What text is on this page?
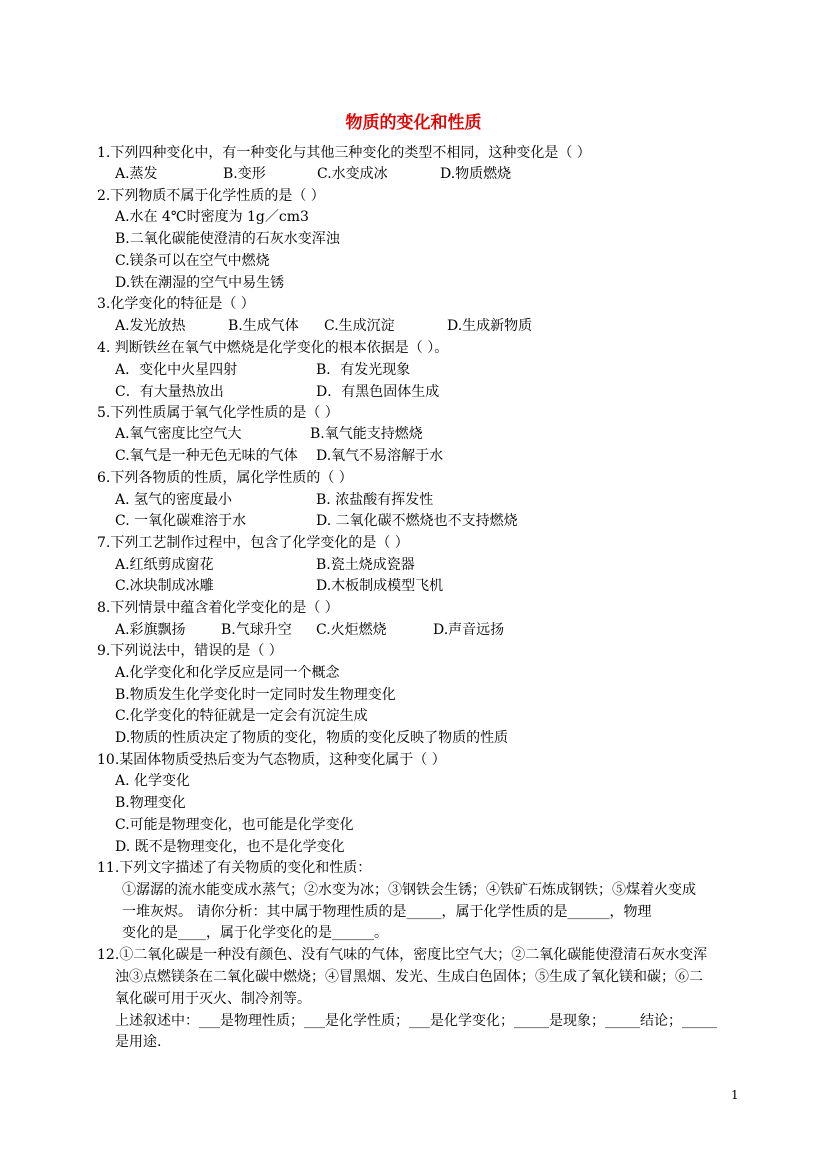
物质的变化和性质
1.下列四种变化中，有一种变化与其他三种变化的类型不相同，这种变化是（ ）
A.蒸发	B.变形	C.水变成冰	D.物质燃烧
2.下列物质不属于化学性质的是（ ）
A.水在 4℃时密度为 1g／cm3
B.二氧化碳能使澄清的石灰水变浑浊
C.镁条可以在空气中燃烧
D.铁在潮湿的空气中易生锈
3.化学变化的特征是（ ）
A.发光放热	B.生成气体 C.生成沉淀	D.生成新物质
4. 判断铁丝在氧气中燃烧是化学变化的根本依据是（ ）。
A．变化中火星四射	B．有发光现象
C．有大量热放出	D．有黑色固体生成
5.下列性质属于氧气化学性质的是（ ）
A.氧气密度比空气大	B.氧气能支持燃烧
C.氧气是一种无色无味的气体 D.氧气不易溶解于水
6.下列各物质的性质，属化学性质的（ ）
A. 氢气的密度最小	B. 浓盐酸有挥发性
C. 一氧化碳难溶于水	D. 二氧化碳不燃烧也不支持燃烧
7.下列工艺制作过程中，包含了化学变化的是（ ）
A.红纸剪成窗花	B.瓷土烧成瓷器
C.冰块制成冰雕	D.木板制成模型飞机
8.下列情景中蕴含着化学变化的是（ ）
A.彩旗飘扬	B.气球升空 C.火炬燃烧	D.声音远扬
9.下列说法中，错误的是（ ）
A.化学变化和化学反应是同一个概念
B.物质发生化学变化时一定同时发生物理变化
C.化学变化的特征就是一定会有沉淀生成
D.物质的性质决定了物质的变化，物质的变化反映了物质的性质
10.某固体物质受热后变为气态物质，这种变化属于（ ）
A. 化学变化
B.物理变化
C.可能是物理变化，也可能是化学变化
D. 既不是物理变化，也不是化学变化
11.下列文字描述了有关物质的变化和性质：
①潺潺的流水能变成水蒸气；②水变为冰；③钢铁会生锈；④铁矿石炼成钢铁；⑤煤着火变成
一堆灰烬。 请你分析：其中属于物理性质的是_____，属于化学性质的是______，物理
变化的是____，属于化学变化的是______。
12.①二氧化碳是一种没有颜色、没有气味的气体，密度比空气大；②二氧化碳能使澄清石灰水变浑
浊③点燃镁条在二氧化碳中燃烧；④冒黑烟、发光、生成白色固体；⑤生成了氧化镁和碳；⑥二
氧化碳可用于灭火、制冷剂等。
上述叙述中：___是物理性质；___是化学性质；___是化学变化；_____是现象；_____结论；_____
是用途.
1
